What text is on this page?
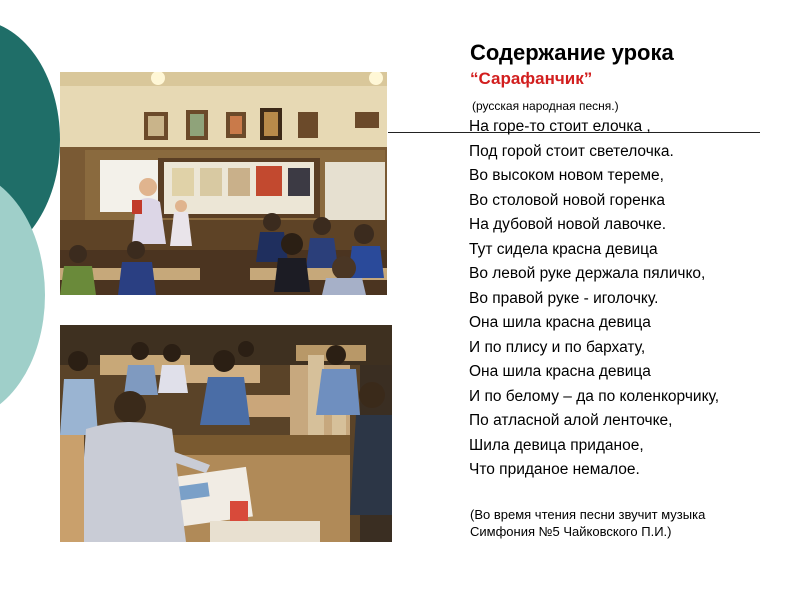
Содержание урока
“Сарафанчик”
(русская народная песня.)
На горе-то стоит елочка ,
Под горой стоит светелочка.
Во высоком новом тереме,
Во столовой новой горенка
На дубовой новой лавочке.
Тут сидела красна девица
Во левой руке держала пяличко,
Во правой руке - иголочку.
Она шила красна девица
И по плису и по бархату,
Она шила красна девица
И по белому – да по коленкорчику,
По атласной алой ленточке,
Шила девица приданое,
Что приданое немалое.
(Во время чтения песни звучит музыка
Симфония №5 Чайковского П.И.)
